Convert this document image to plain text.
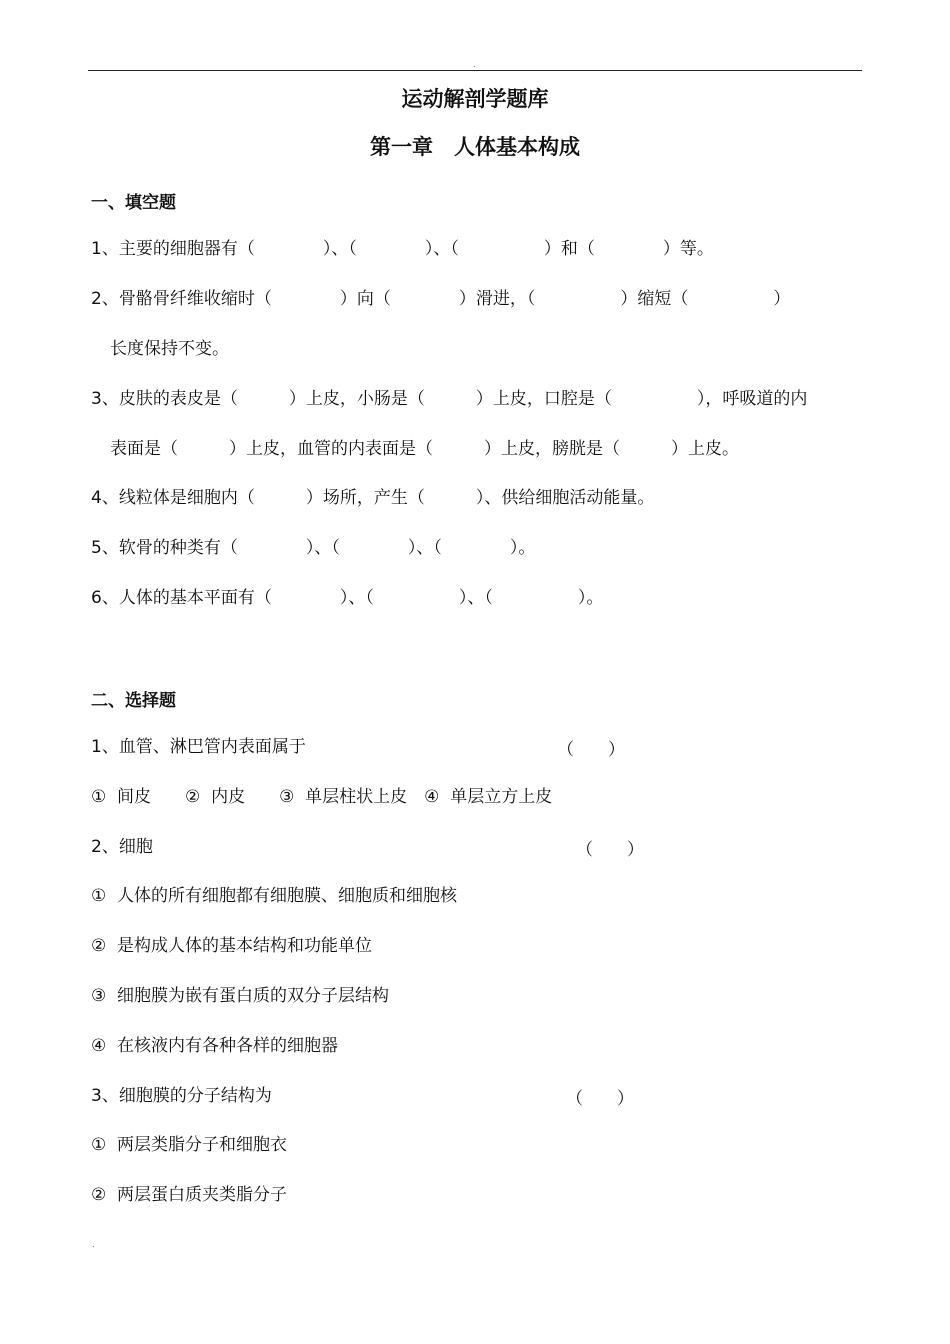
.
运动解剖学题库
第一章　人体基本构成
一、填空题
1、主要的细胞器有（　　　　）、（　　　　）、（　　　　　）和（　　　　）等。
2、骨骼骨纤维收缩时（　　　　）向（　　　　）滑进，（　　　　　）缩短（　　　　　）
长度保持不变。
3、皮肤的表皮是（　　　）上皮，小肠是（　　　）上皮，口腔是（　　　　　），呼吸道的内
表面是（　　　）上皮，血管的内表面是（　　　）上皮，膀胱是（　　　）上皮。
4、线粒体是细胞内（　　　）场所，产生（　　　）、供给细胞活动能量。
5、软骨的种类有（　　　　）、（　　　　）、（　　　　）。
6、人体的基本平面有（　　　　）、（　　　　　）、（　　　　　）。
二、选择题
1、血管、淋巴管内表面属于	（　　）
①  间皮　　②  内皮　　③  单层柱状上皮　④  单层立方上皮
2、细胞	（　　）
①  人体的所有细胞都有细胞膜、细胞质和细胞核
②  是构成人体的基本结构和功能单位
③  细胞膜为嵌有蛋白质的双分子层结构
④  在核液内有各种各样的细胞器
3、细胞膜的分子结构为	（　　）
①  两层类脂分子和细胞衣
②  两层蛋白质夹类脂分子
.
